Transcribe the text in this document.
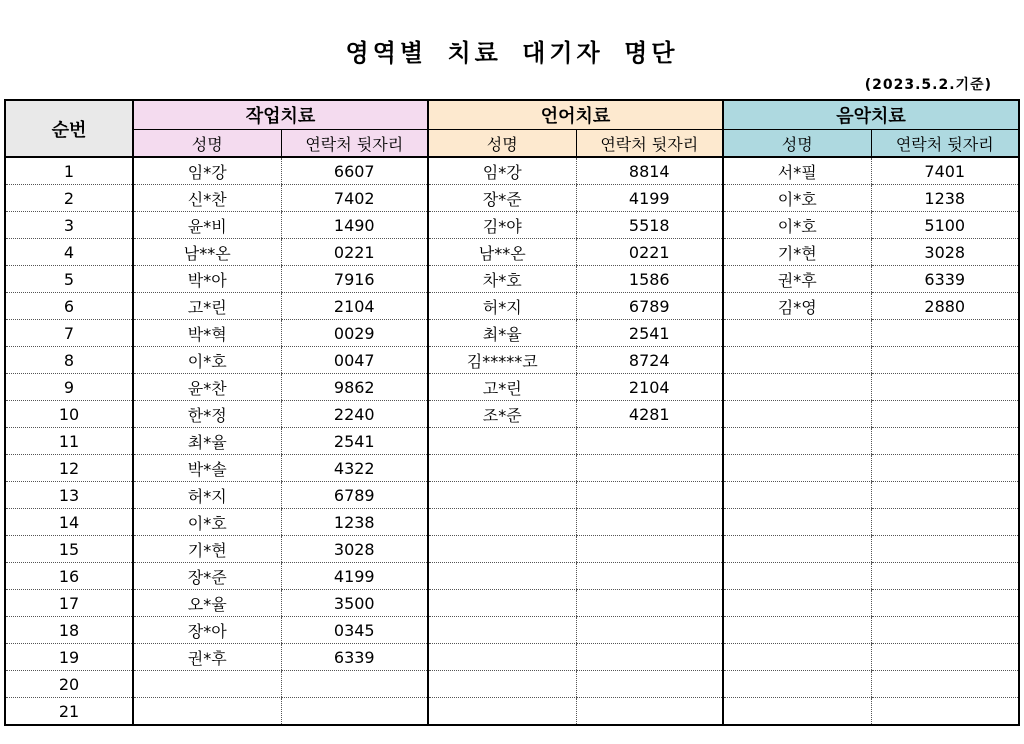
영역별 치료 대기자 명단
(2023.5.2.기준)
순번	작업치료		언어치료		음악치료	
	성명	연락처 뒷자리	성명	연락처 뒷자리	성명	연락처 뒷자리
1	임*강	6607	임*강	8814	서*필	7401
2	신*찬	7402	장*준	4199	이*호	1238
3	윤*비	1490	김*야	5518	이*호	5100
4	남**온	0221	남**온	0221	기*현	3028
5	박*아	7916	차*호	1586	권*후	6339
6	고*린	2104	허*지	6789	김*영	2880
7	박*혁	0029	최*율	2541		
8	이*호	0047	김*****코	8724		
9	윤*찬	9862	고*린	2104		
10	한*정	2240	조*준	4281		
11	최*율	2541				
12	박*솔	4322				
13	허*지	6789				
14	이*호	1238				
15	기*현	3028				
16	장*준	4199				
17	오*율	3500				
18	장*아	0345				
19	권*후	6339				
20						
21						
